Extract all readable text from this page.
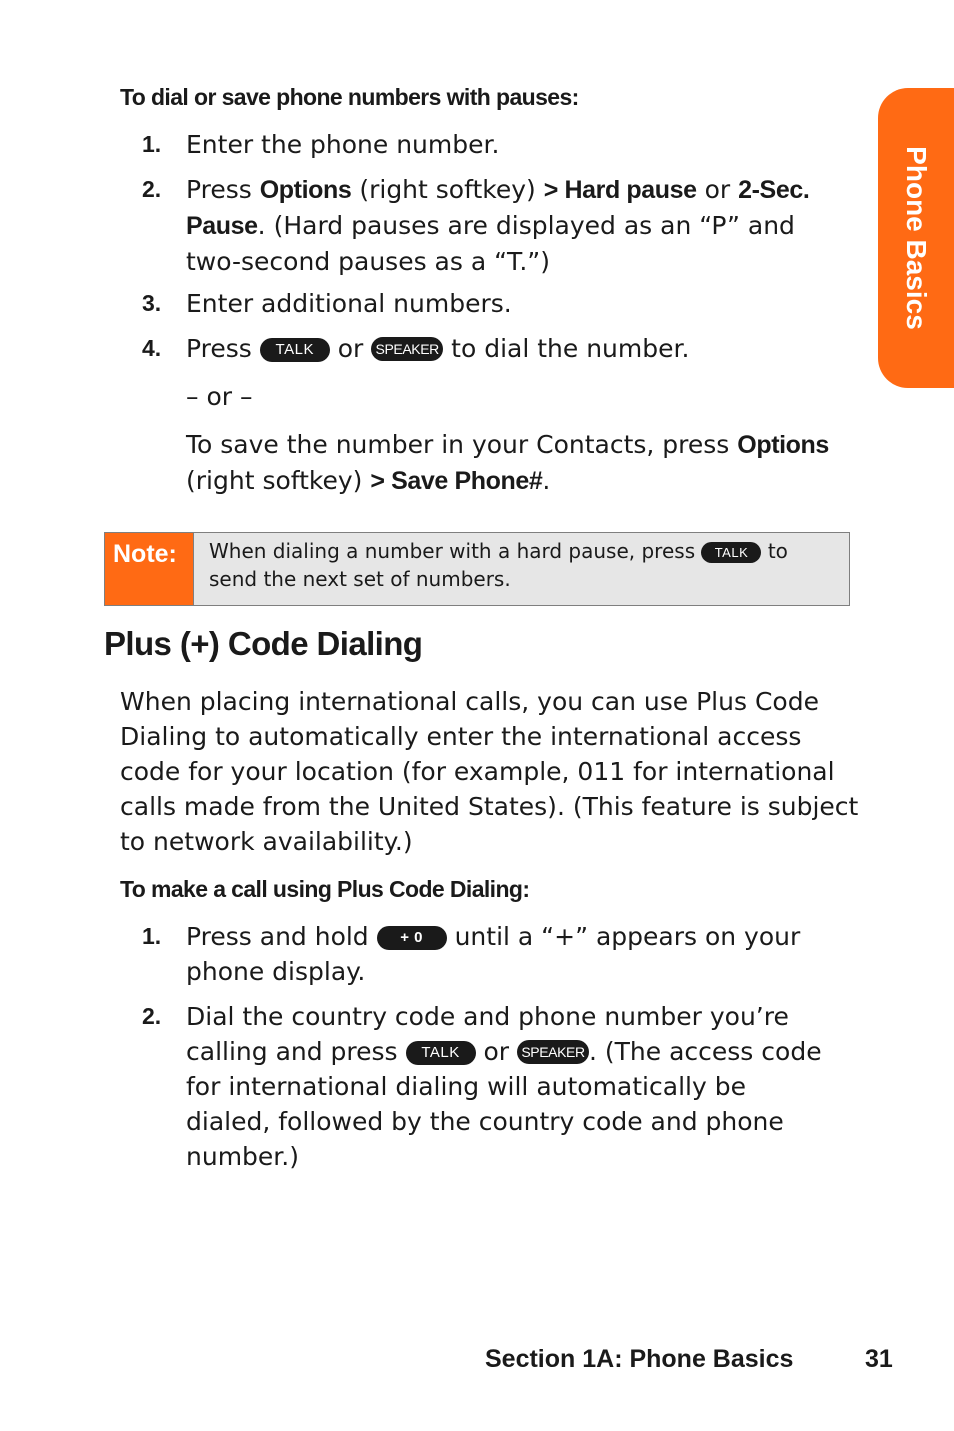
Phone Basics
To dial or save phone numbers with pauses:
1. Enter the phone number.
2. Press Options (right softkey) > Hard pause or 2-Sec. Pause. (Hard pauses are displayed as an “P” and two-second pauses as a “T.”)
3. Enter additional numbers.
4. Press TALK or SPEAKER to dial the number.
– or –
To save the number in your Contacts, press Options (right softkey) > Save Phone#.
Note:	When dialing a number with a hard pause, press TALK to send the next set of numbers.
Plus (+) Code Dialing
When placing international calls, you can use Plus Code Dialing to automatically enter the international access code for your location (for example, 011 for international calls made from the United States). (This feature is subject to network availability.)
To make a call using Plus Code Dialing:
1. Press and hold + 0 until a “+” appears on your phone display.
2. Dial the country code and phone number you’re calling and press TALK or SPEAKER . (The access code for international dialing will automatically be dialed, followed by the country code and phone number.)
Section 1A: Phone Basics	31
